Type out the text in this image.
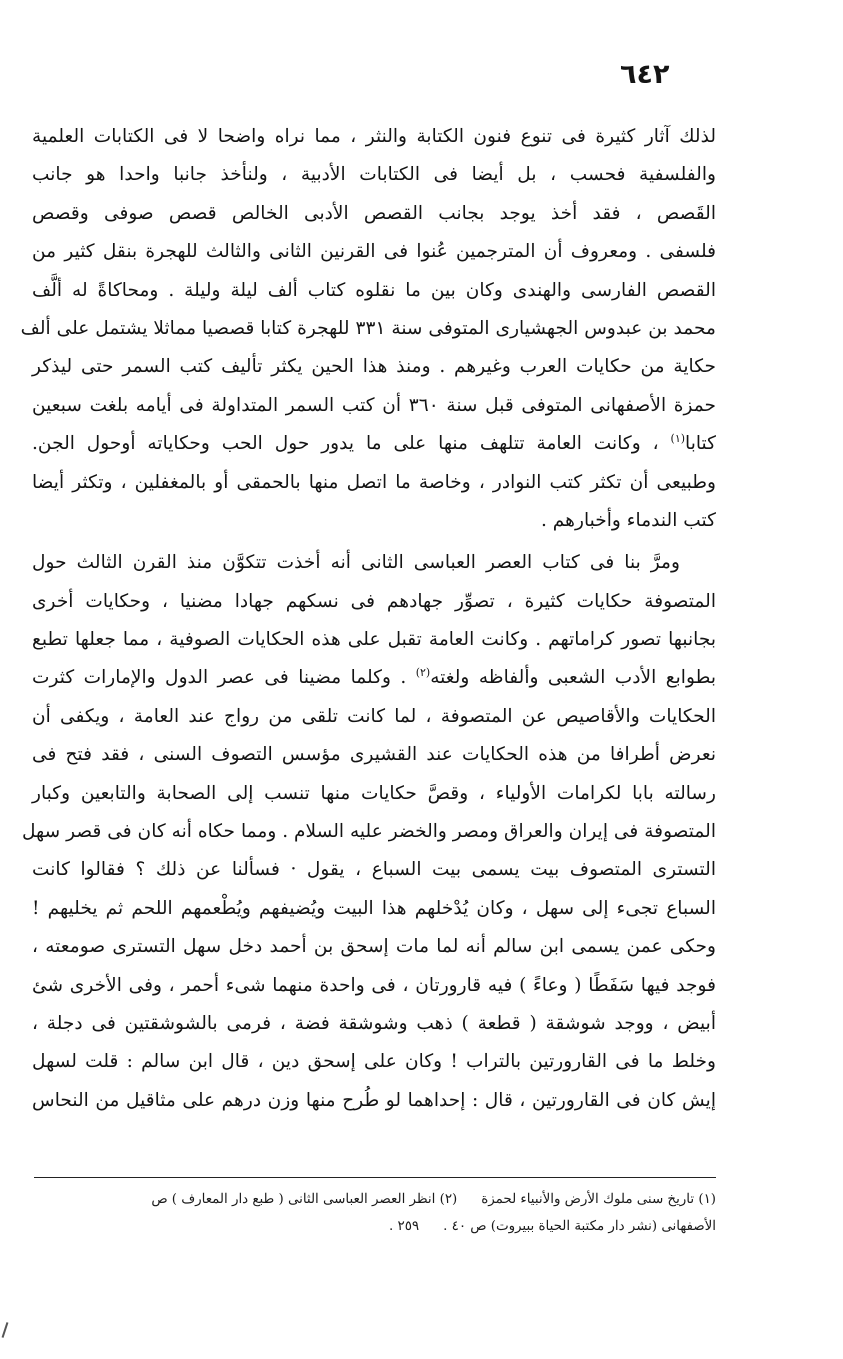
٦٤٢
لذلك آثار كثيرة فى تنوع فنون الكتابة والنثر ، مما نراه واضحا لا فى الكتابات العلمية
والفلسفية فحسب ، بل أيضا فى الكتابات الأدبية ، ولنأخذ جانبا واحدا هو جانب
القَصص ، فقد أخذ يوجد بجانب القصص الأدبى الخالص قصص صوفى وقصص
فلسفى . ومعروف أن المترجمين عُنوا فى القرنين الثانى والثالث للهجرة بنقل كثير من
القصص الفارسى والهندى وكان بين ما نقلوه كتاب ألف ليلة وليلة . ومحاكاةً له ألَّف
محمد بن عبدوس الجهشيارى المتوفى سنة ٣٣١ للهجرة كتابا قصصيا مماثلا يشتمل على ألف
حكاية من حكايات العرب وغيرهم . ومنذ هذا الحين يكثر تأليف كتب السمر حتى ليذكر
حمزة الأصفهانى المتوفى قبل سنة ٣٦٠ أن كتب السمر المتداولة فى أيامه بلغت سبعين
كتابا$^{(١)}$ ، وكانت العامة تتلهف منها على ما يدور حول الحب وحكاياته أوحول الجن.
وطبيعى أن تكثر كتب النوادر ، وخاصة ما اتصل منها بالحمقى أو بالمغفلين ، وتكثر أيضا
كتب الندماء وأخبارهم .
ومرَّ بنا فى كتاب العصر العباسى الثانى أنه أخذت تتكوَّن منذ القرن الثالث حول
المتصوفة حكايات كثيرة ، تصوِّر جهادهم فى نسكهم جهادا مضنيا ، وحكايات أخرى
بجانبها تصور كراماتهم . وكانت العامة تقبل على هذه الحكايات الصوفية ، مما جعلها تطبع
بطوابع الأدب الشعبى وألفاظه ولغته$^{(٢)}$ . وكلما مضينا فى عصر الدول والإمارات كثرت
الحكايات والأقاصيص عن المتصوفة ، لما كانت تلقى من رواج عند العامة ، ويكفى أن
نعرض أطرافا من هذه الحكايات عند القشيرى مؤسس التصوف السنى ، فقد فتح فى
رسالته بابا لكرامات الأولياء ، وقصَّ حكايات منها تنسب إلى الصحابة والتابعين وكبار
المتصوفة فى إيران والعراق ومصر والخضر عليه السلام . ومما حكاه أنه كان فى قصر سهل
التسترى المتصوف بيت يسمى بيت السباع ، يقول · فسألنا عن ذلك ؟ فقالوا كانت
السباع تجىء إلى سهل ، وكان يُدْخلهم هذا البيت ويُضيفهم ويُطْعمهم اللحم ثم يخليهم !
وحكى عمن يسمى ابن سالم أنه لما مات إسحق بن أحمد دخل سهل التسترى صومعته ،
فوجد فيها سَفَطًا ( وعاءً ) فيه قارورتان ، فى واحدة منهما شىء أحمر ، وفى الأخرى شئ
أبيض ، ووجد شوشقة ( قطعة ) ذهب وشوشقة فضة ، فرمى بالشوشقتين فى دجلة ،
وخلط ما فى القارورتين بالتراب ! وكان على إسحق دين ، قال ابن سالم : قلت لسهل
إيش كان فى القارورتين ، قال : إحداهما لو طُرح منها وزن درهم على مثاقيل من النحاس
(١) تاريخ سنى ملوك الأرض والأنبياء لحمزة(٢) انظر العصر العباسى الثانى ( طبع دار المعارف ) ص
الأصفهانى (نشر دار مكتبة الحياة ببيروت) ص ٤٠ .٢٥٩ .
